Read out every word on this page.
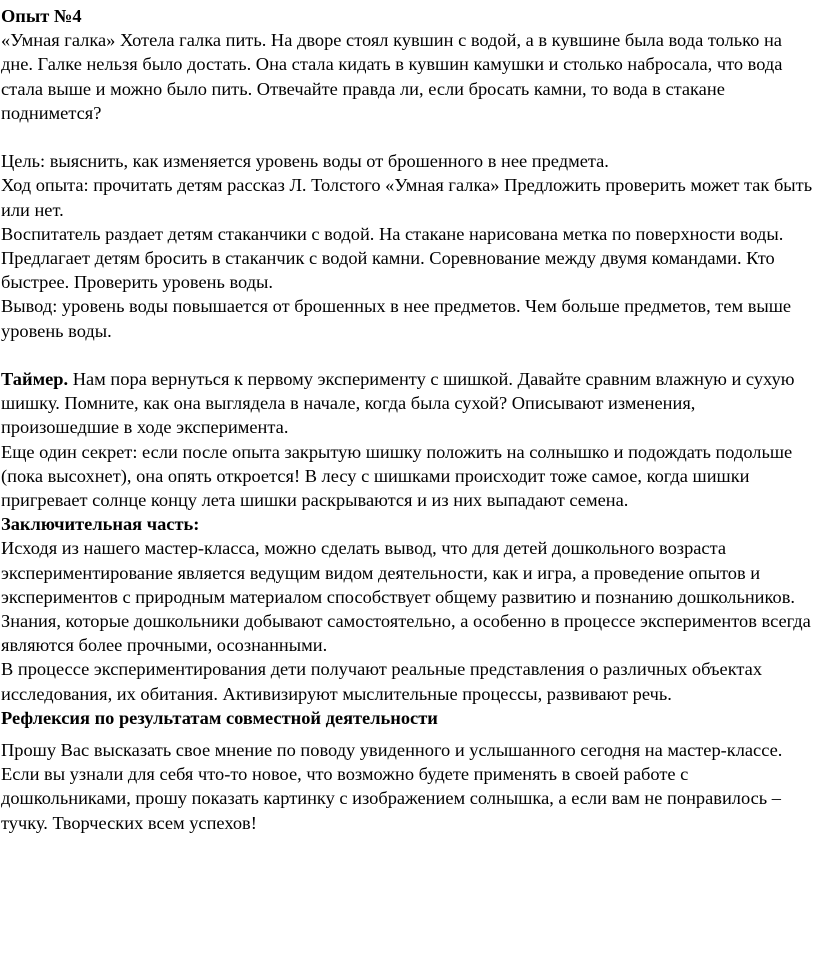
Опыт №4

«Умная галка» Хотела галка пить. На дворе стоял кувшин с водой, а в кувшине была вода только на дне. Галке нельзя было достать. Она стала кидать в кувшин камушки и столько набросала, что вода стала выше и можно было пить. Отвечайте правда ли, если бросать камни, то вода в стакане поднимется?

Цель: выяснить, как изменяется уровень воды от брошенного в нее предмета.

Ход опыта: прочитать детям рассказ Л. Толстого «Умная галка» Предложить проверить может так быть или нет.

Воспитатель раздает детям стаканчики с водой. На стакане нарисована метка по поверхности воды.

Предлагает детям бросить в стаканчик с водой камни. Соревнование между двумя командами. Кто быстрее. Проверить уровень воды.

Вывод: уровень воды повышается от брошенных в нее предметов. Чем больше предметов, тем выше уровень воды.

Таймер. Нам пора вернуться к первому эксперименту с шишкой. Давайте сравним влажную и сухую шишку. Помните, как она выглядела в начале, когда была сухой? Описывают изменения, произошедшие в ходе эксперимента.

Еще один секрет: если после опыта закрытую шишку положить на солнышко и подождать подольше (пока высохнет), она опять откроется! В лесу с шишками происходит тоже самое, когда шишки пригревает солнце концу лета шишки раскрываются и из них выпадают семена.

Заключительная часть:

Исходя из нашего мастер-класса, можно сделать вывод, что для детей дошкольного возраста экспериментирование является ведущим видом деятельности, как и игра, а проведение опытов и экспериментов с природным материалом способствует общему развитию и познанию дошкольников. Знания, которые дошкольники добывают самостоятельно, а особенно в процессе экспериментов всегда являются более прочными, осознанными.

В процессе экспериментирования дети получают реальные представления о различных объектах исследования, их обитания. Активизируют мыслительные процессы, развивают речь.

Рефлексия по результатам совместной деятельности

Прошу Вас высказать свое мнение по поводу увиденного и услышанного сегодня на мастер-классе. Если вы узнали для себя что-то новое, что возможно будете применять в своей работе с дошкольниками, прошу показать картинку с изображением солнышка, а если вам не понравилось – тучку. Творческих всем успехов!
